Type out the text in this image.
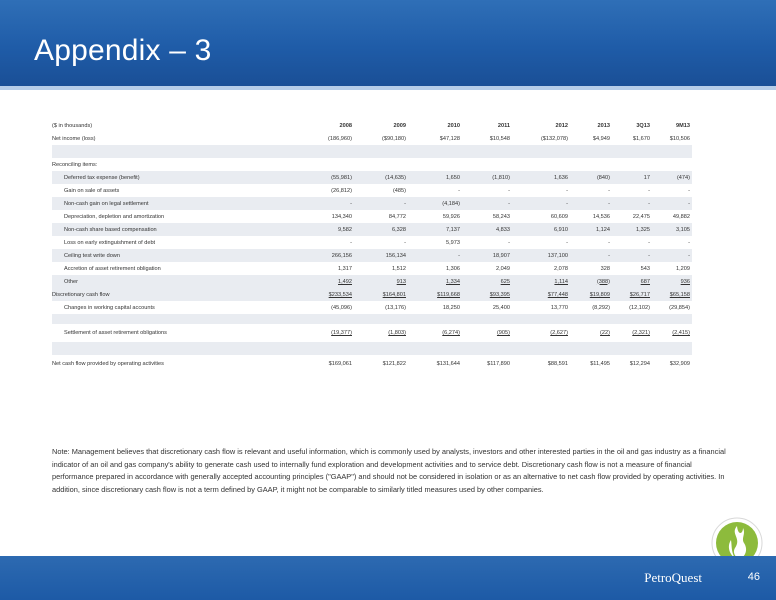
Appendix – 3
($ in thousands)	2008	2009	2010	2011	2012	2013	3Q13	9M13
Net income (loss)	(186,960)	($90,180)	$47,128	$10,548	($132,078)	$4,949	$1,670	$10,506
Reconciling items:
Deferred tax expense (benefit)	(55,981)	(14,635)	1,650	(1,810)	1,636	(840)	17	(474)
Gain on sale of assets	(26,812)	(485)	-	-	-	-	-	-
Non-cash gain on legal settlement	-	-	(4,184)	-	-	-	-	-
Depreciation, depletion and amortization	134,340	84,772	59,926	58,243	60,609	14,536	22,475	49,882
Non-cash share based compensation	9,582	6,328	7,137	4,833	6,910	1,124	1,325	3,105
Loss on early extinguishment of debt	-	-	5,973	-	-	-	-	-
Ceiling test write down	266,156	156,134	-	18,907	137,100	-	-	-
Accretion of asset retirement obligation	1,317	1,512	1,306	2,049	2,078	328	543	1,209
Other	1,492	913	1,334	625	1,114	(388)	687	936
Discretionary cash flow	$233,534	$164,801	$119,668	$93,395	$77,448	$19,809	$26,717	$65,158
Changes in working capital accounts	(45,096)	(13,176)	18,250	25,400	13,770	(8,292)	(12,102)	(29,854)
Settlement of asset retirement obligations	(19,377)	(1,803)	(6,274)	(905)	(2,627)	(22)	(2,321)	(2,415)
Net cash flow provided by operating activities	$169,061	$121,822	$131,644	$117,890	$88,591	$11,495	$12,294	$32,909
Note: Management believes that discretionary cash flow is relevant and useful information, which is commonly used by analysts, investors and other interested parties in the oil and gas industry as a financial indicator of an oil and gas company's ability to generate cash used to internally fund exploration and development activities and to service debt. Discretionary cash flow is not a measure of financial performance prepared in accordance with generally accepted accounting principles ("GAAP") and should not be considered in isolation or as an alternative to net cash flow provided by operating activities. In addition, since discretionary cash flow is not a term defined by GAAP, it might not be comparable to similarly titled measures used by other companies.
PetroQuest	46
